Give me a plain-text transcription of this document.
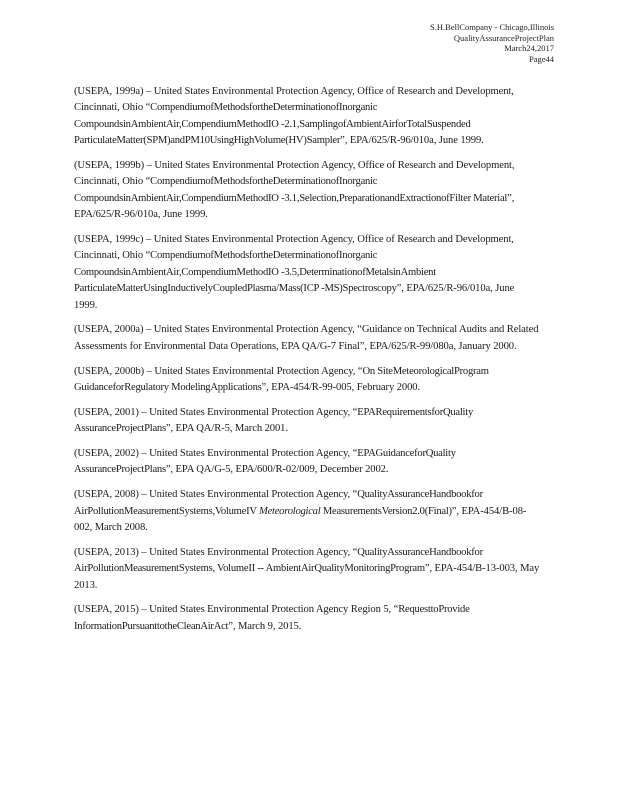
S.H.BellCompany - Chicago,Illinois
QualityAssuranceProjectPlan
March24,2017
Page44

(USEPA, 1999a) – United States Environmental Protection Agency, Office of Research and Development, Cincinnati, Ohio “CompendiumofMethodsfortheDeterminationofInorganic CompoundsinAmbientAir,CompendiumMethodIO -2.1,SamplingofAmbientAirforTotalSuspended ParticulateMatter(SPM)andPM10UsingHighVolume(HV)Sampler”, EPA/625/R-96/010a, June 1999.

(USEPA, 1999b) – United States Environmental Protection Agency, Office of Research and Development, Cincinnati, Ohio “CompendiumofMethodsfortheDeterminationofInorganic CompoundsinAmbientAir,CompendiumMethodIO -3.1,Selection,PreparationandExtractionofFilter Material”, EPA/625/R-96/010a, June 1999.

(USEPA, 1999c) – United States Environmental Protection Agency, Office of Research and Development, Cincinnati, Ohio “CompendiumofMethodsfortheDeterminationofInorganic CompoundsinAmbientAir,CompendiumMethodIO -3.5,DeterminationofMetalsinAmbient ParticulateMatterUsingInductivelyCoupledPlasma/Mass(ICP -MS)Spectroscopy”, EPA/625/R-96/010a, June 1999.

(USEPA, 2000a) – United States Environmental Protection Agency, “Guidance on Technical Audits and Related Assessments for Environmental Data Operations, EPA QA/G-7 Final”, EPA/625/R-99/080a, January 2000.

(USEPA, 2000b) – United States Environmental Protection Agency, “On SiteMeteorologicalProgram GuidanceforRegulatory ModelingApplications”, EPA-454/R-99-005, February 2000.

(USEPA, 2001) – United States Environmental Protection Agency, “EPARequirementsforQuality AssuranceProjectPlans”, EPA QA/R-5, March 2001.

(USEPA, 2002) – United States Environmental Protection Agency, “EPAGuidanceforQuality AssuranceProjectPlans”, EPA QA/G-5, EPA/600/R-02/009, December 2002.

(USEPA, 2008) – United States Environmental Protection Agency, “QualityAssuranceHandbookfor AirPollutionMeasurementSystems,VolumeIV Meteorological MeasurementsVersion2.0(Final)”, EPA-454/B-08-002, March 2008.

(USEPA, 2013) – United States Environmental Protection Agency, “QualityAssuranceHandbookfor AirPollutionMeasurementSystems, VolumeII -- AmbientAirQualityMonitoringProgram”, EPA-454/B-13-003, May 2013.

(USEPA, 2015) – United States Environmental Protection Agency Region 5, “RequesttoProvide InformationPursuanttotheCleanAirAct”, March 9, 2015.
